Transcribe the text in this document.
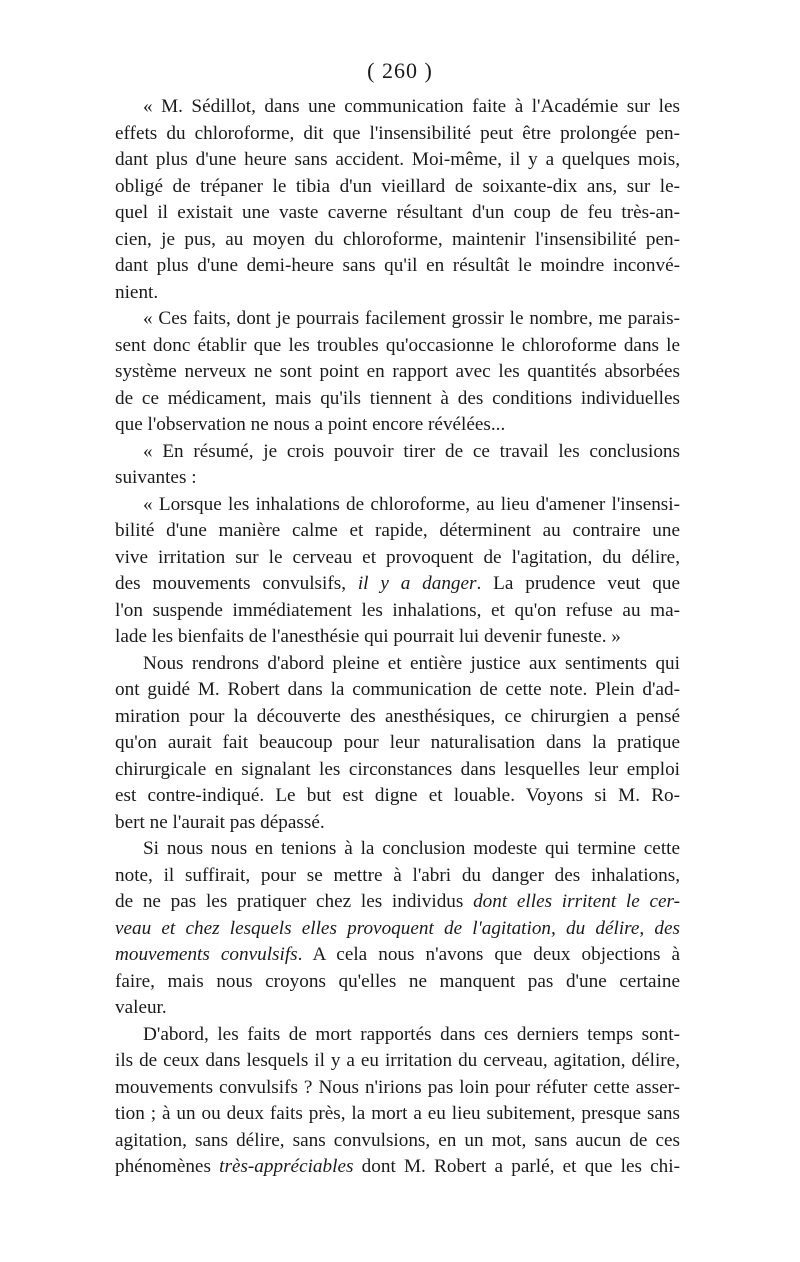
( 260 )
« M. Sédillot, dans une communication faite à l'Académie sur les
effets du chloroforme, dit que l'insensibilité peut être prolongée pen-
dant plus d'une heure sans accident. Moi-même, il y a quelques mois,
obligé de trépaner le tibia d'un vieillard de soixante-dix ans, sur le-
quel il existait une vaste caverne résultant d'un coup de feu très-an-
cien, je pus, au moyen du chloroforme, maintenir l'insensibilité pen-
dant plus d'une demi-heure sans qu'il en résultât le moindre inconvé-
nient.
« Ces faits, dont je pourrais facilement grossir le nombre, me parais-
sent donc établir que les troubles qu'occasionne le chloroforme dans le
système nerveux ne sont point en rapport avec les quantités absorbées
de ce médicament, mais qu'ils tiennent à des conditions individuelles
que l'observation ne nous a point encore révélées...
« En résumé, je crois pouvoir tirer de ce travail les conclusions
suivantes :
« Lorsque les inhalations de chloroforme, au lieu d'amener l'insensi-
bilité d'une manière calme et rapide, déterminent au contraire une
vive irritation sur le cerveau et provoquent de l'agitation, du délire,
des mouvements convulsifs, il y a danger. La prudence veut que
l'on suspende immédiatement les inhalations, et qu'on refuse au ma-
lade les bienfaits de l'anesthésie qui pourrait lui devenir funeste. »
Nous rendrons d'abord pleine et entière justice aux sentiments qui
ont guidé M. Robert dans la communication de cette note. Plein d'ad-
miration pour la découverte des anesthésiques, ce chirurgien a pensé
qu'on aurait fait beaucoup pour leur naturalisation dans la pratique
chirurgicale en signalant les circonstances dans lesquelles leur emploi
est contre-indiqué. Le but est digne et louable. Voyons si M. Ro-
bert ne l'aurait pas dépassé.
Si nous nous en tenions à la conclusion modeste qui termine cette
note, il suffirait, pour se mettre à l'abri du danger des inhalations,
de ne pas les pratiquer chez les individus dont elles irritent le cer-
veau et chez lesquels elles provoquent de l'agitation, du délire, des
mouvements convulsifs. A cela nous n'avons que deux objections à
faire, mais nous croyons qu'elles ne manquent pas d'une certaine
valeur.
D'abord, les faits de mort rapportés dans ces derniers temps sont-
ils de ceux dans lesquels il y a eu irritation du cerveau, agitation, délire,
mouvements convulsifs ? Nous n'irions pas loin pour réfuter cette asser-
tion ; à un ou deux faits près, la mort a eu lieu subitement, presque sans
agitation, sans délire, sans convulsions, en un mot, sans aucun de ces
phénomènes très-appréciables dont M. Robert a parlé, et que les chi-
